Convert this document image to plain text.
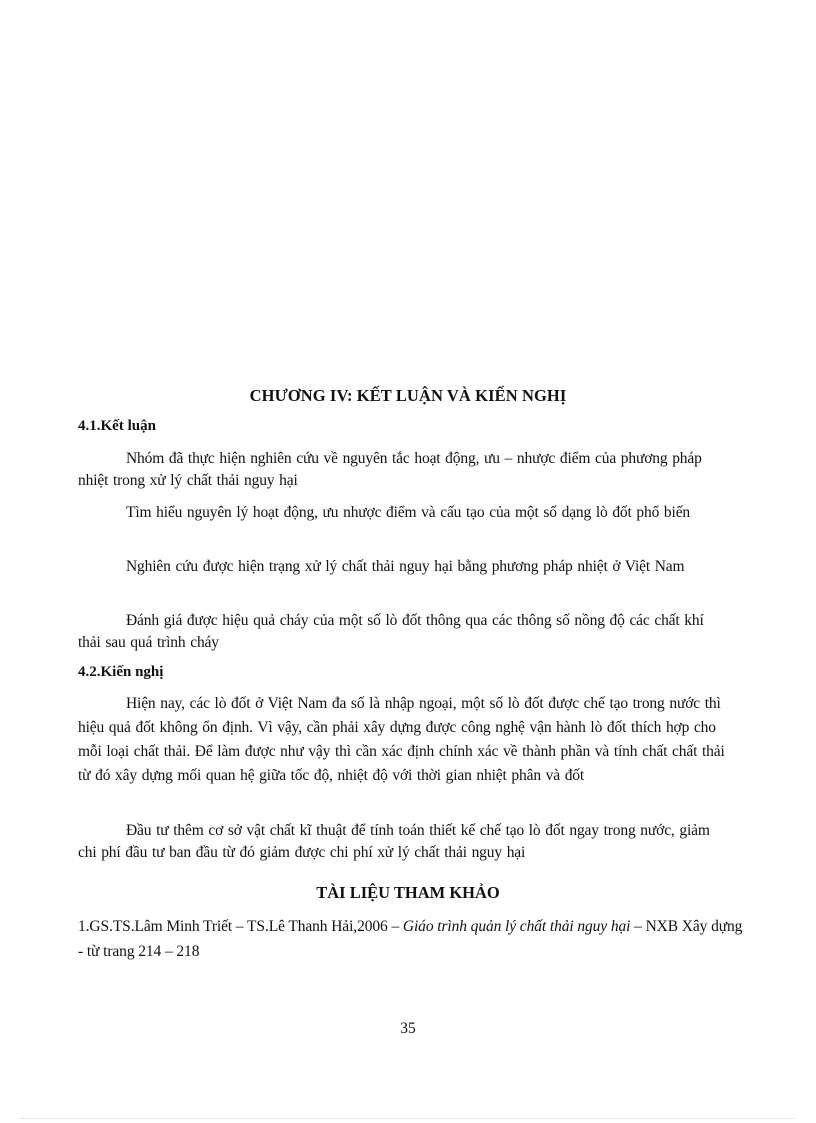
CHƯƠNG IV: KẾT LUẬN VÀ KIẾN NGHỊ
4.1.Kết luận

Nhóm đã thực hiện nghiên cứu về nguyên tắc hoạt động, ưu – nhược điểm của phương pháp nhiệt trong xử lý chất thải nguy hại

Tìm hiểu nguyên lý hoạt động, ưu nhược điểm và cấu tạo của một số dạng lò đốt phổ biến

Nghiên cứu được hiện trạng xử lý chất thải nguy hại bằng phương pháp nhiệt ở Việt Nam

Đánh giá được hiệu quả cháy của một số lò đốt thông qua các thông số nồng độ các chất khí thải sau quá trình cháy

4.2.Kiến nghị

Hiện nay, các lò đốt ở Việt Nam đa số là nhập ngoại, một số lò đốt được chế tạo trong nước thì hiệu quả đốt không ổn định. Vì vậy, cần phải xây dựng được công nghệ vận hành lò đốt thích hợp cho mỗi loại chất thải. Để làm được như vậy thì cần xác định chính xác về thành phần và tính chất chất thải từ đó xây dựng mối quan hệ giữa tốc độ, nhiệt độ với thời gian nhiệt phân và đốt

Đầu tư thêm cơ sở vật chất kĩ thuật để tính toán thiết kế chế tạo lò đốt ngay trong nước, giảm chi phí đầu tư ban đầu từ đó giảm được chi phí xử lý chất thải nguy hại

TÀI LIỆU THAM KHẢO

1.GS.TS.Lâm Minh Triết – TS.Lê Thanh Hải,2006 – Giáo trình quản lý chất thải nguy hại – NXB Xây dựng - từ trang 214 – 218

35
